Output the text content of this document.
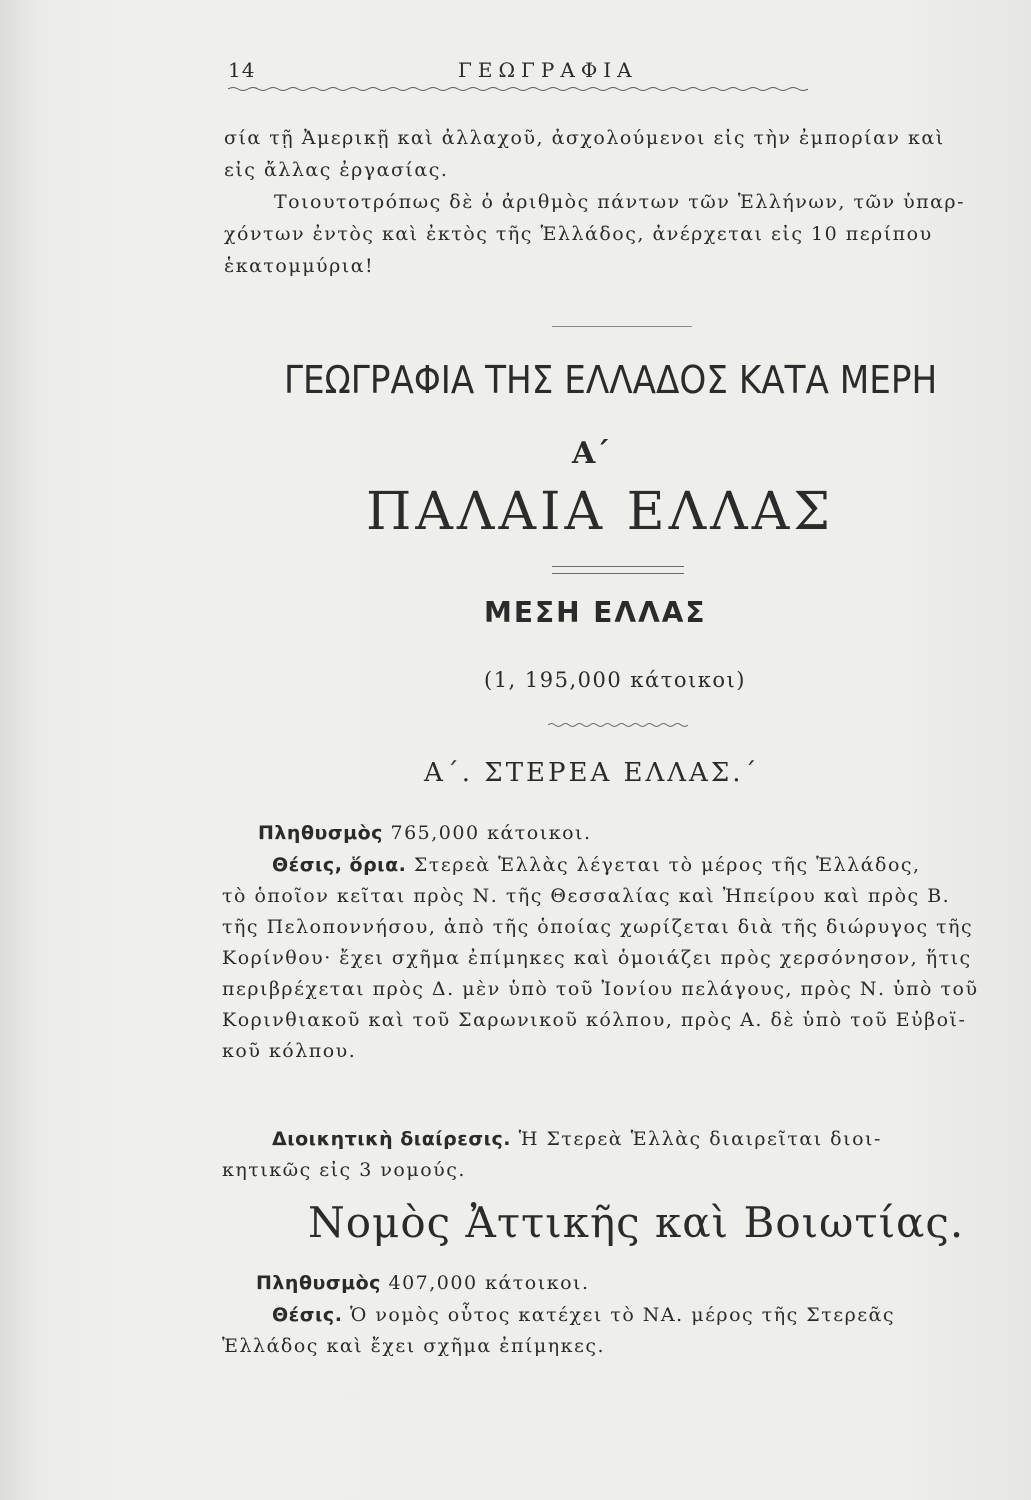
14	ΓΕΩΓΡΑΦΙΑ
σία τῇ Ἀμερικῇ καὶ ἀλλαχοῦ, ἀσχολούμενοι εἰς τὴν ἐμπορίαν καὶ
εἰς ἄλλας ἐργασίας.
Τοιουτοτρόπως δὲ ὁ ἀριθμὸς πάντων τῶν Ἑλλήνων, τῶν ὑπαρ-
χόντων ἐντὸς καὶ ἐκτὸς τῆς Ἑλλάδος, ἀνέρχεται εἰς 10 περίπου
ἑκατομμύρια!
ΓΕΩΓΡΑΦΙΑ ΤΗΣ ΕΛΛΑΔΟΣ ΚΑΤΑ ΜΕΡΗ
Α΄
ΠΑΛΑΙΑ ΕΛΛΑΣ
ΜΕΣΗ ΕΛΛΑΣ
(1, 195,000 κάτοικοι)
Α΄. ΣΤΕΡΕΑ ΕΛΛΑΣ.΄
Πληθυσμὸς 765,000 κάτοικοι.
Θέσις, ὅρια. Στερεὰ Ἑλλὰς λέγεται τὸ μέρος τῆς Ἑλλάδος,
τὸ ὁποῖον κεῖται πρὸς Ν. τῆς Θεσσαλίας καὶ Ἠπείρου καὶ πρὸς Β.
τῆς Πελοποννήσου, ἀπὸ τῆς ὁποίας χωρίζεται διὰ τῆς διώρυγος τῆς
Κορίνθου· ἔχει σχῆμα ἐπίμηκες καὶ ὁμοιάζει πρὸς χερσόνησον, ἥτις
περιβρέχεται πρὸς Δ. μὲν ὑπὸ τοῦ Ἰονίου πελάγους, πρὸς Ν. ὑπὸ τοῦ
Κορινθιακοῦ καὶ τοῦ Σαρωνικοῦ κόλπου, πρὸς Α. δὲ ὑπὸ τοῦ Εὐβοϊ-
κοῦ κόλπου.
Διοικητικὴ διαίρεσις. Ἡ Στερεὰ Ἑλλὰς διαιρεῖται διοι-
κητικῶς εἰς 3 νομούς.
Νομὸς Ἀττικῆς καὶ Βοιωτίας.
Πληθυσμὸς 407,000 κάτοικοι.
Θέσις. Ὁ νομὸς οὗτος κατέχει τὸ ΝΑ. μέρος τῆς Στερεᾶς
Ἑλλάδος καὶ ἔχει σχῆμα ἐπίμηκες.
